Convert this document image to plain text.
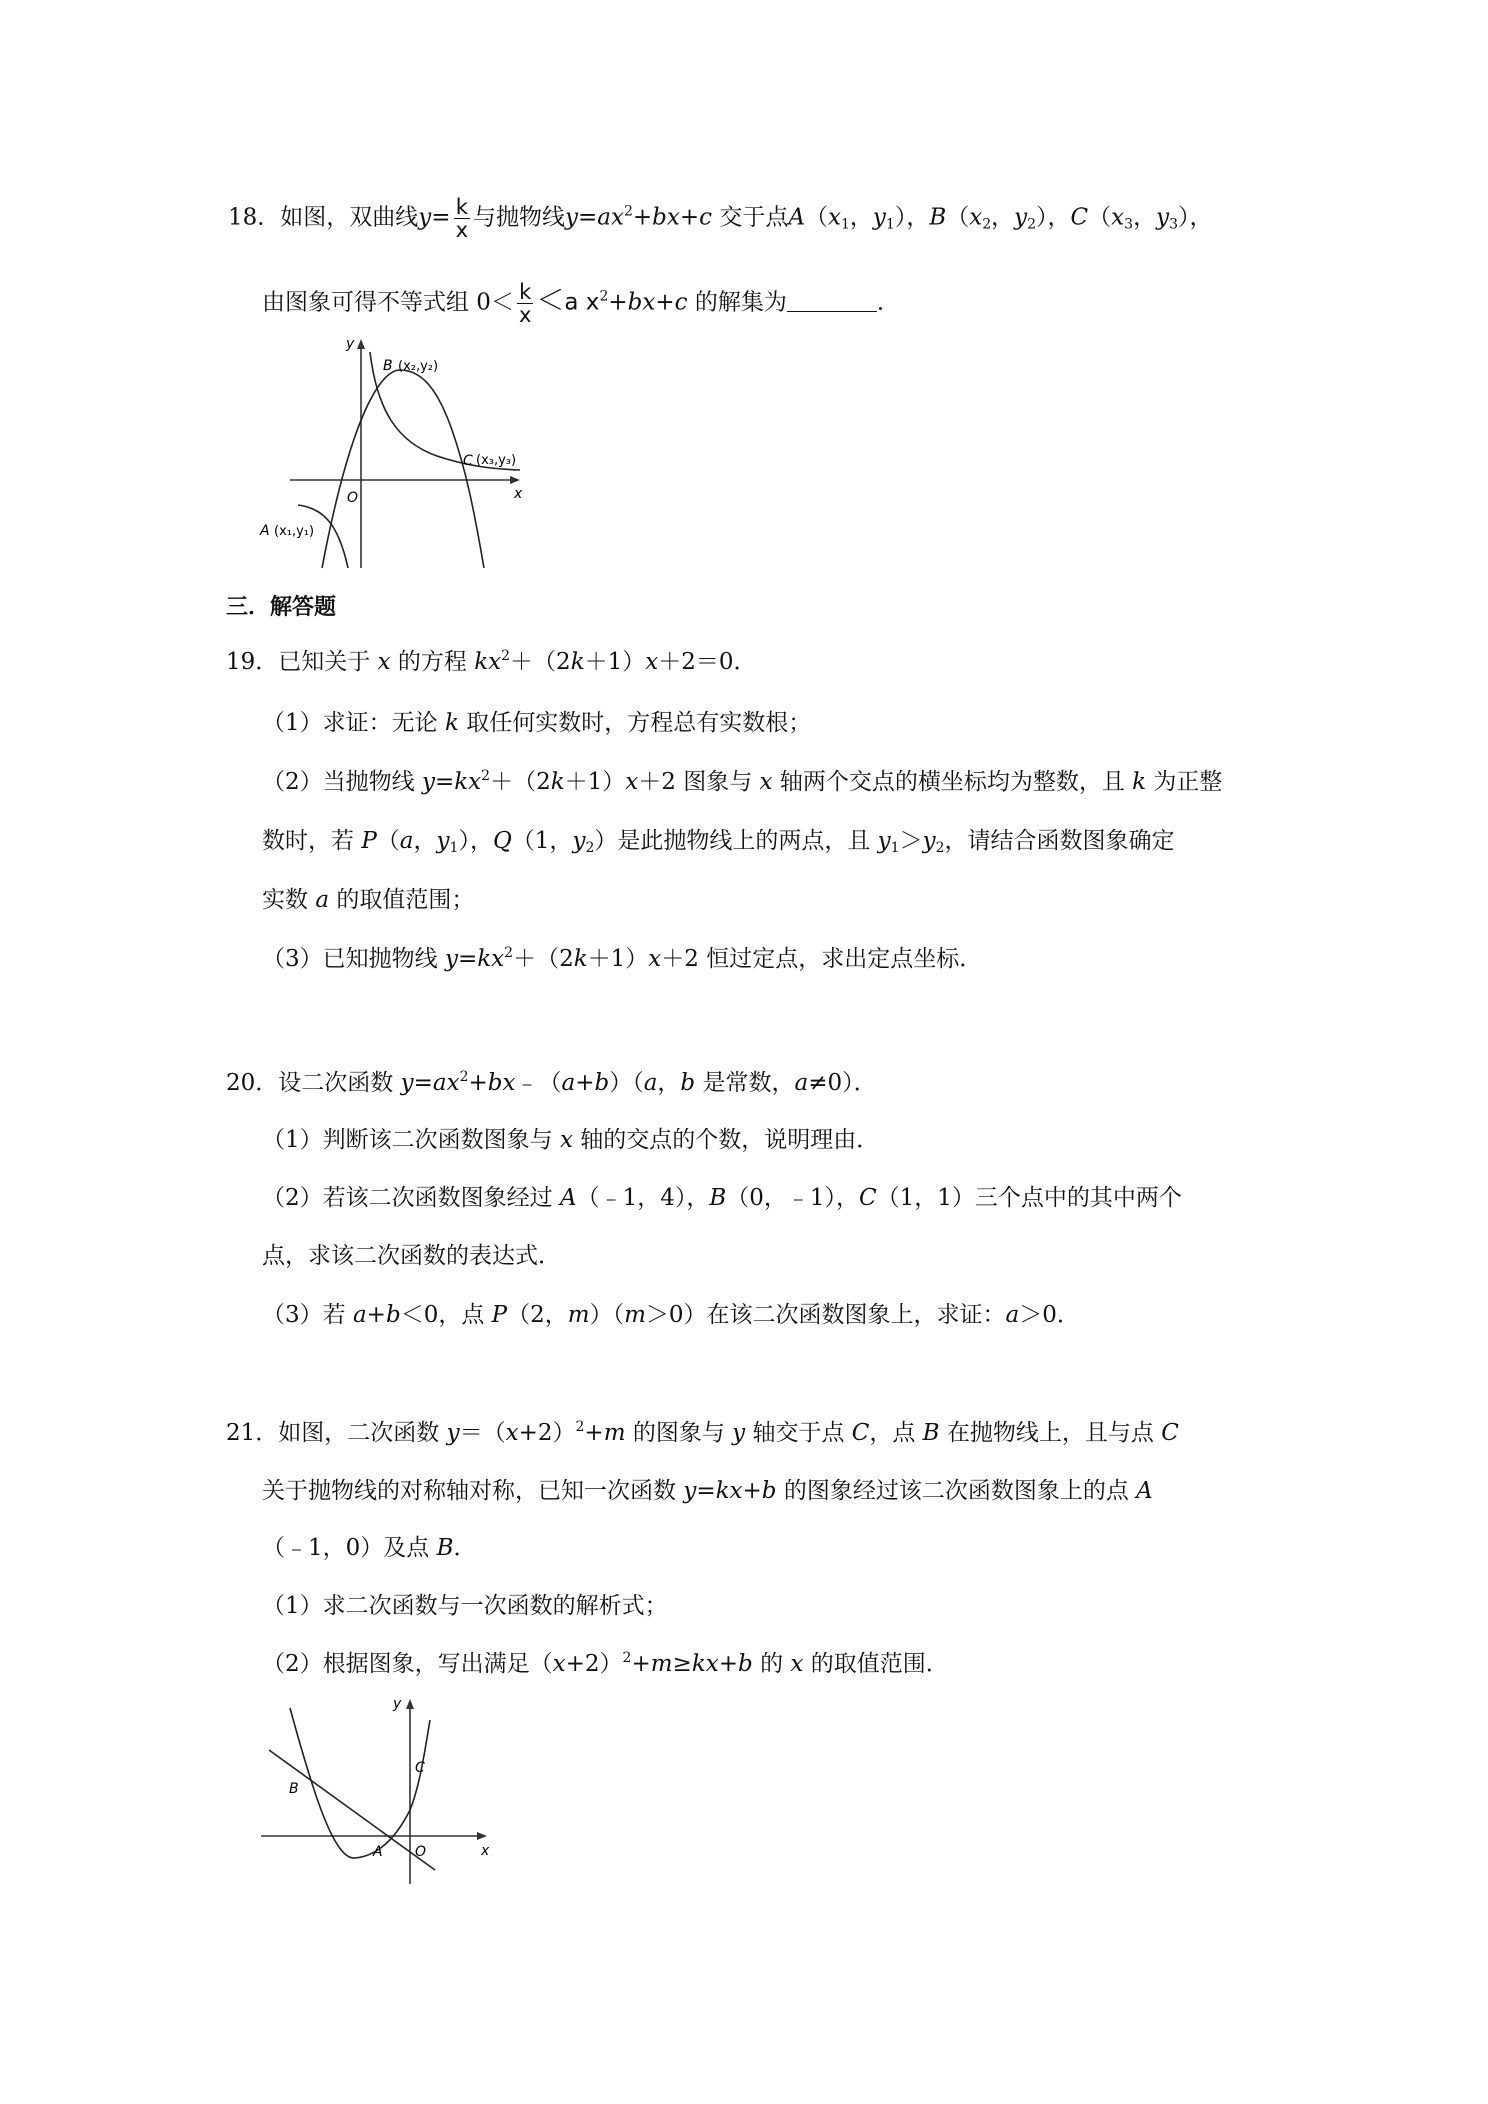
18．如图，双曲线$y= \frac{k}{x}$ 与抛物线$y=ax^2+bx+c$ 交于点$A(x_1$，$y_1$），$B(x_2$，$y_2$），$C(x_3$，$y_3$），
由图象可得不等式组 $0< \frac{k}{x} <a$ $x^2+bx+c$ 的解集为	．
y
x
O
B (x₂,y₂)
C (x₃,y₃)
A (x₁,y₁)
三．解答题
19．已知关于 x 的方程 $kx^2+(2k+1)x+2=0$．
（1）求证：无论 k 取任何实数时，方程总有实数根；
（2）当抛物线 $y=kx^2+(2k+1)x+2$ 图象与 x 轴两个交点的横坐标均为整数，且 k 为正整
数时，若 P（a，$y_1$），Q（1，$y_2$）是此抛物线上的两点，且 $y_1>y_2$，请结合函数图象确定
实数 a 的取值范围；
（3）已知抛物线 $y=kx^2+(2k+1)x+2$ 恒过定点，求出定点坐标．
20．设二次函数 $y=ax^2+bx﹣(a+b)(a$，b 是常数，a≠0）．
（1）判断该二次函数图象与 x 轴的交点的个数，说明理由．
（2）若该二次函数图象经过 A（﹣1，4），B（0，﹣1），C（1，1）三个点中的其中两个
点，求该二次函数的表达式．
（3）若 a+b＜0，点 P（2，m）（m＞0）在该二次函数图象上，求证：a＞0．
21．如图，二次函数 $y=(x+2)^2+m$ 的图象与 y 轴交于点 C，点 B 在抛物线上，且与点 C
关于抛物线的对称轴对称，已知一次函数 y=kx+b 的图象经过该二次函数图象上的点 A
（﹣1，0）及点 B．
（1）求二次函数与一次函数的解析式；
（2）根据图象，写出满足$(x+2)^2+m\ge kx+b$ 的 x 的取值范围．
y
x
O
B
A
C
